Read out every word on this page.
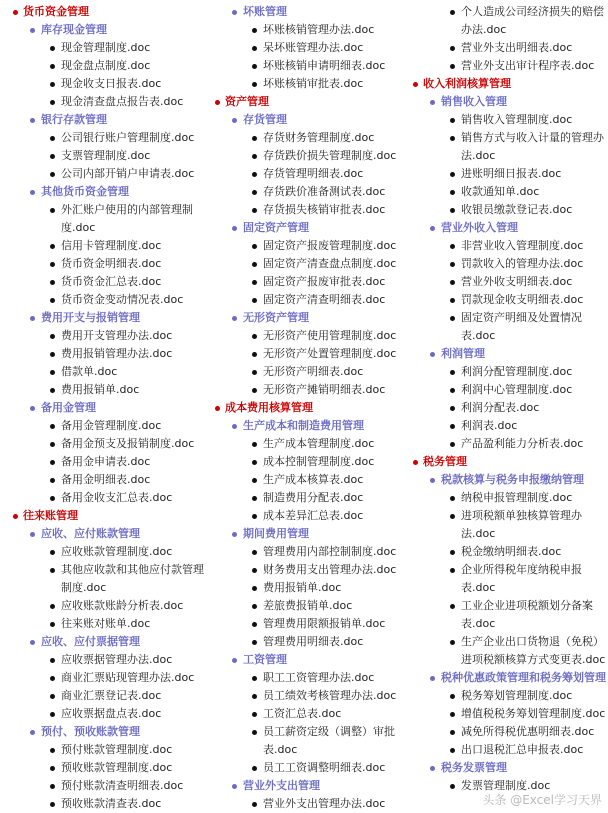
货币资金管理
库存现金管理
现金管理制度.doc
现金盘点制度.doc
现金收支日报表.doc
现金清查盘点报告表.doc
银行存款管理
公司银行账户管理制度.doc
支票管理制度.doc
公司内部开销户申请表.doc
其他货币资金管理
外汇账户使用的内部管理制
度.doc
信用卡管理制度.doc
货币资金明细表.doc
货币资金汇总表.doc
货币资金变动情况表.doc
费用开支与报销管理
费用开支管理办法.doc
费用报销管理办法.doc
借款单.doc
费用报销单.doc
备用金管理
备用金管理制度.doc
备用金预支及报销制度.doc
备用金申请表.doc
备用金明细表.doc
备用金收支汇总表.doc
往来账管理
应收、应付账款管理
应收账款管理制度.doc
其他应收款和其他应付款管理
制度.doc
应收账款账龄分析表.doc
往来账对账单.doc
应收、应付票据管理
应收票据管理办法.doc
商业汇票贴现管理办法.doc
商业汇票登记表.doc
应收票据盘点表.doc
预付、预收账款管理
预付账款管理制度.doc
预收账款管理制度.doc
预付账款清查明细表.doc
预收账款清查表.doc
坏账管理
坏账核销管理办法.doc
呆坏账管理办法.doc
坏账核销申请明细表.doc
坏账核销审批表.doc
资产管理
存货管理
存货财务管理制度.doc
存货跌价损失管理制度.doc
存货管理明细表.doc
存货跌价准备测试表.doc
存货损失核销审批表.doc
固定资产管理
固定资产报废管理制度.doc
固定资产清查盘点制度.doc
固定资产报废审批表.doc
固定资产清查明细表.doc
无形资产管理
无形资产使用管理制度.doc
无形资产处置管理制度.doc
无形资产明细表.doc
无形资产摊销明细表.doc
成本费用核算管理
生产成本和制造费用管理
生产成本管理制度.doc
成本控制管理制度.doc
生产成本核算表.doc
制造费用分配表.doc
成本差异汇总表.doc
期间费用管理
管理费用内部控制制度.doc
财务费用支出管理办法.doc
费用报销单.doc
差旅费报销单.doc
管理费用限额报销单.doc
管理费用明细表.doc
工资管理
职工工资管理办法.doc
员工绩效考核管理办法.doc
工资汇总表.doc
员工薪资定级（调整）审批
表.doc
员工工资调整明细表.doc
营业外支出管理
营业外支出管理办法.doc
个人造成公司经济损失的赔偿
办法.doc
营业外支出明细表.doc
营业外支出审计程序表.doc
收入利润核算管理
销售收入管理
销售收入管理制度.doc
销售方式与收入计量的管理办
法.doc
进账明细日报表.doc
收款通知单.doc
收银员缴款登记表.doc
营业外收入管理
非营业收入管理制度.doc
罚款收入的管理办法.doc
营业外收支明细表.doc
罚款现金收支明细表.doc
固定资产明细及处置情况
表.doc
利润管理
利润分配管理制度.doc
利润中心管理制度.doc
利润分配表.doc
利润表.doc
产品盈利能力分析表.doc
税务管理
税款核算与税务申报缴纳管理
纳税申报管理制度.doc
进项税额单独核算管理办
法.doc
税金缴纳明细表.doc
企业所得税年度纳税申报
表.doc
工业企业进项税额划分备案
表.doc
生产企业出口货物退（免税）
进项税额核算方式变更表.doc
税种优惠政策管理和税务筹划管理
税务筹划管理制度.doc
增值税税务筹划管理制度.doc
减免所得税优惠明细表.doc
出口退税汇总申报表.doc
税务发票管理
发票管理制度.doc
头条 @Excel学习天界
